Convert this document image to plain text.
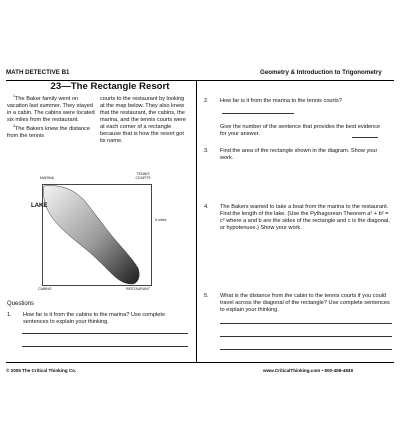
MATH DETECTIVE B1	Geometry & Introduction to Trigonometry
23—The Rectangle Resort

$^1$The Baker family went on vacation last summer. They stayed in a cabin. The cabins were located six miles from the restaurant.

$^4$The Bakers knew the distance from the tennis

courts to the restaurant by looking at the map below. They also knew that the restaurant, the cabins, the marina, and the tennis courts were at each corner of a rectangle because that is how the resort got its name.

MARINA
TENNIS COURTS
6 miles
CABINS	RESTAURANT
LAKE
Questions
1. How far is it from the cabins to the marina? Use complete sentences to explain your thinking.
2. How far is it from the marina to the tennis courts?
Give the number of the sentence that provides the best evidence for your answer.
3. Find the area of the rectangle shown in the diagram. Show your work.
4. The Bakers wanted to take a boat from the marina to the restaurant. Find the length of the lake. (Use the Pythagorean Theorem a² + b² = c² where a and b are the sides of the rectangle and c is the diagonal, or hypotenuse.) Show your work.
5. What is the distance from the cabin to the tennis courts if you could travel across the diagonal of the rectangle? Use complete sentences to explain your thinking.
© 2005 The Critical Thinking Co.	www.CriticalThinking.com • 800-458-4849
